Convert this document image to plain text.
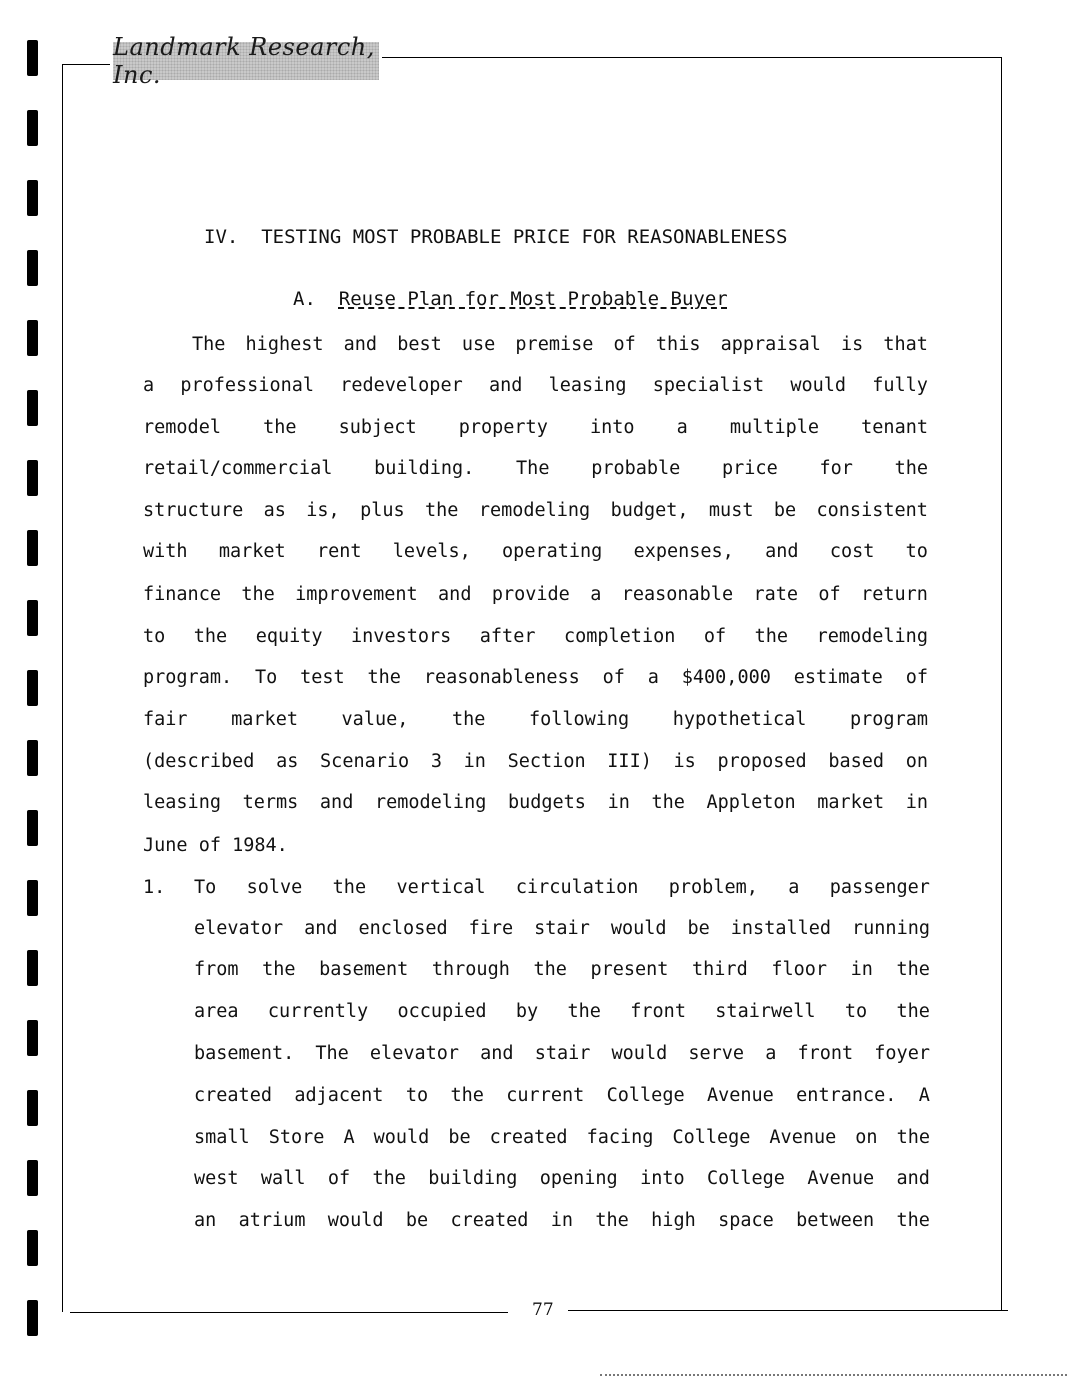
Landmark Research, Inc.
IV. TESTING MOST PROBABLE PRICE FOR REASONABLENESS
A. Reuse Plan for Most Probable Buyer
The highest and best use premise of this appraisal is that
a professional redeveloper and leasing specialist would fully
remodel the subject property into a multiple tenant
retail/commercial building. The probable price for the
structure as is, plus the remodeling budget, must be consistent
with market rent levels, operating expenses, and cost to
finance the improvement and provide a reasonable rate of return
to the equity investors after completion of the remodeling
program. To test the reasonableness of a $400,000 estimate of
fair market value, the following hypothetical program
(described as Scenario 3 in Section III) is proposed based on
leasing terms and remodeling budgets in the Appleton market in
June of 1984.
1. To solve the vertical circulation problem, a passenger
elevator and enclosed fire stair would be installed running
from the basement through the present third floor in the
area currently occupied by the front stairwell to the
basement. The elevator and stair would serve a front foyer
created adjacent to the current College Avenue entrance. A
small Store A would be created facing College Avenue on the
west wall of the building opening into College Avenue and
an atrium would be created in the high space between the
77
